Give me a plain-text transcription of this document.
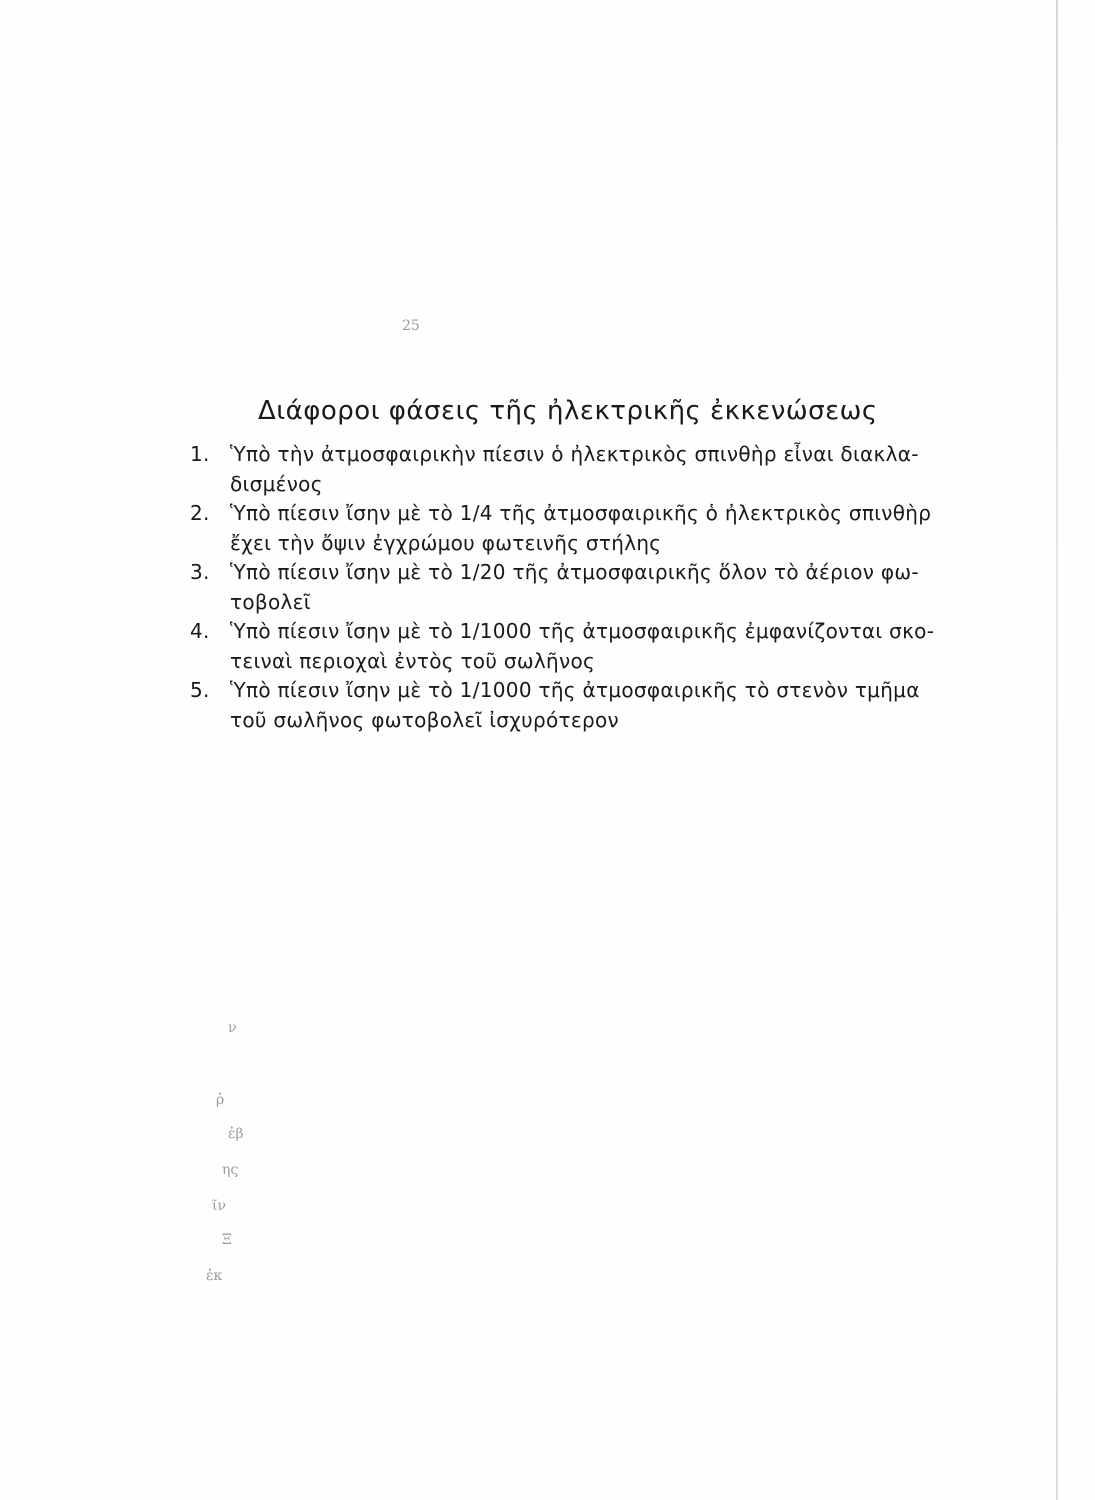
25
Διάφοροι φάσεις τῆς ἠλεκτρικῆς ἐκκενώσεως
1.	Ὑπὸ τὴν ἀτμοσφαιρικὴν πίεσιν ὁ ἠλεκτρικὸς σπινθὴρ εἶναι διακλα-
δισμένος
2.	Ὑπὸ πίεσιν ἴσην μὲ τὸ 1/4 τῆς ἀτμοσφαιρικῆς ὁ ἠλεκτρικὸς σπινθὴρ
ἔχει τὴν ὄψιν ἐγχρώμου φωτεινῆς στήλης
3.	Ὑπὸ πίεσιν ἴσην μὲ τὸ 1/20 τῆς ἀτμοσφαιρικῆς ὅλον τὸ ἀέριον φω-
τοβολεῖ
4.	Ὑπὸ πίεσιν ἴσην μὲ τὸ 1/1000 τῆς ἀτμοσφαιρικῆς ἐμφανίζονται σκο-
τειναὶ περιοχαὶ ἐντὸς τοῦ σωλῆνος
5.	Ὑπὸ πίεσιν ἴσην μὲ τὸ 1/1000 τῆς ἀτμοσφαιρικῆς τὸ στενὸν τμῆμα
τοῦ σωλῆνος φωτοβολεῖ ἰσχυρότερον
ν
ῥ
ἐβ
ης
ῖν
Ξ
ἐκ
